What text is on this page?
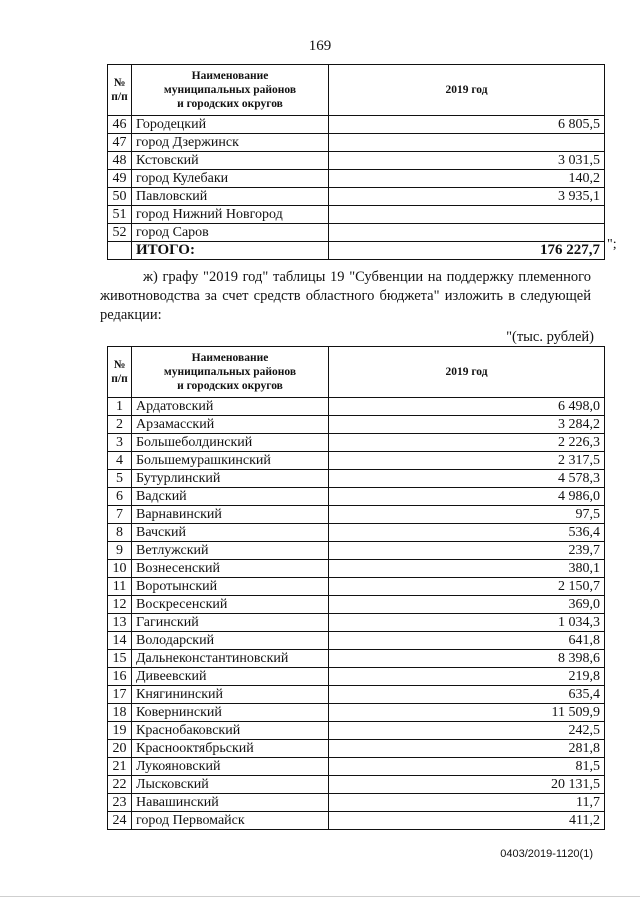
169
№
п/п	Наименование
муниципальных районов
и городских округов	2019 год
46	Городецкий	6 805,5
47	город Дзержинск	
48	Кстовский	3 031,5
49	город Кулебаки	140,2
50	Павловский	3 935,1
51	город Нижний Новгород	
52	город Саров	
	ИТОГО:	176 227,7 ";
ж) графу "2019 год" таблицы 19 "Субвенции на поддержку племенного животноводства за счет средств областного бюджета" изложить в следующей редакции:
"(тыс. рублей)
№
п/п	Наименование
муниципальных районов
и городских округов	2019 год
1	Ардатовский	6 498,0
2	Арзамасский	3 284,2
3	Большеболдинский	2 226,3
4	Большемурашкинский	2 317,5
5	Бутурлинский	4 578,3
6	Вадский	4 986,0
7	Варнавинский	97,5
8	Вачский	536,4
9	Ветлужский	239,7
10	Вознесенский	380,1
11	Воротынский	2 150,7
12	Воскресенский	369,0
13	Гагинский	1 034,3
14	Володарский	641,8
15	Дальнеконстантиновский	8 398,6
16	Дивеевский	219,8
17	Княгининский	635,4
18	Ковернинский	11 509,9
19	Краснобаковский	242,5
20	Краснооктябрьский	281,8
21	Лукояновский	81,5
22	Лысковский	20 131,5
23	Навашинский	11,7
24	город Первомайск	411,2
0403/2019-1120(1)
